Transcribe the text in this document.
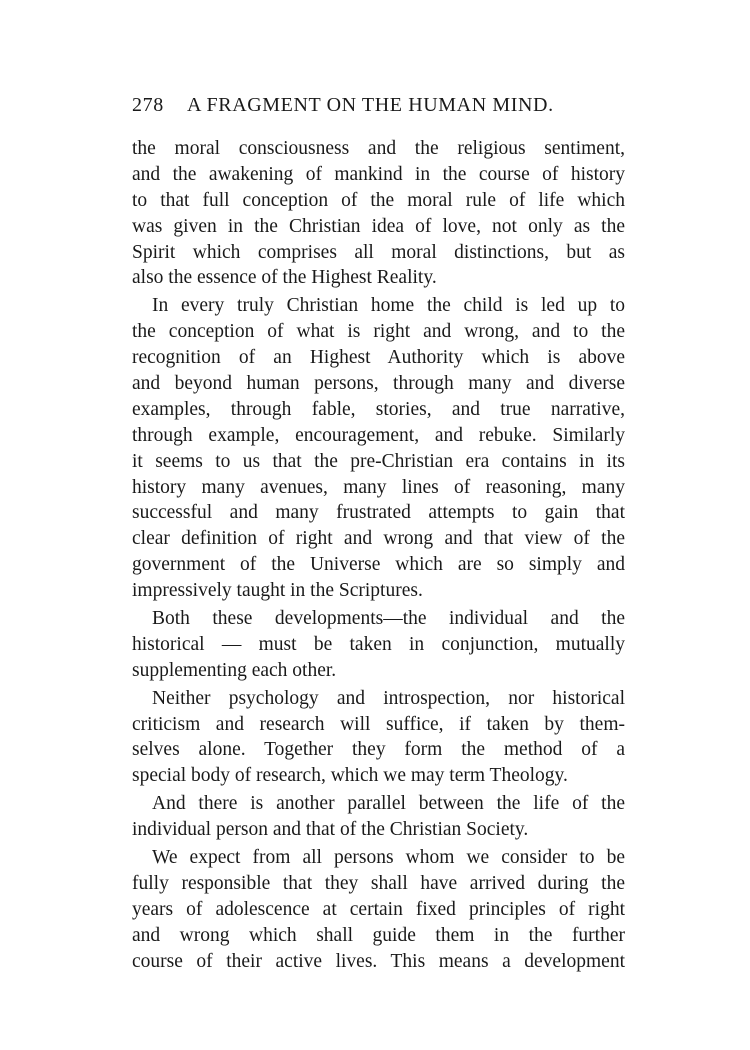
278 A FRAGMENT ON THE HUMAN MIND.
the moral consciousness and the religious sentiment,
and the awakening of mankind in the course of history
to that full conception of the moral rule of life which
was given in the Christian idea of love, not only as the
Spirit which comprises all moral distinctions, but as
also the essence of the Highest Reality.
In every truly Christian home the child is led up to
the conception of what is right and wrong, and to the
recognition of an Highest Authority which is above
and beyond human persons, through many and diverse
examples, through fable, stories, and true narrative,
through example, encouragement, and rebuke. Similarly
it seems to us that the pre-Christian era contains in its
history many avenues, many lines of reasoning, many
successful and many frustrated attempts to gain that
clear definition of right and wrong and that view of the
government of the Universe which are so simply and
impressively taught in the Scriptures.
Both these developments—the individual and the
historical — must be taken in conjunction, mutually
supplementing each other.
Neither psychology and introspection, nor historical
criticism and research will suffice, if taken by them-
selves alone. Together they form the method of a
special body of research, which we may term Theology.
And there is another parallel between the life of the
individual person and that of the Christian Society.
We expect from all persons whom we consider to be
fully responsible that they shall have arrived during the
years of adolescence at certain fixed principles of right
and wrong which shall guide them in the further
course of their active lives. This means a development
